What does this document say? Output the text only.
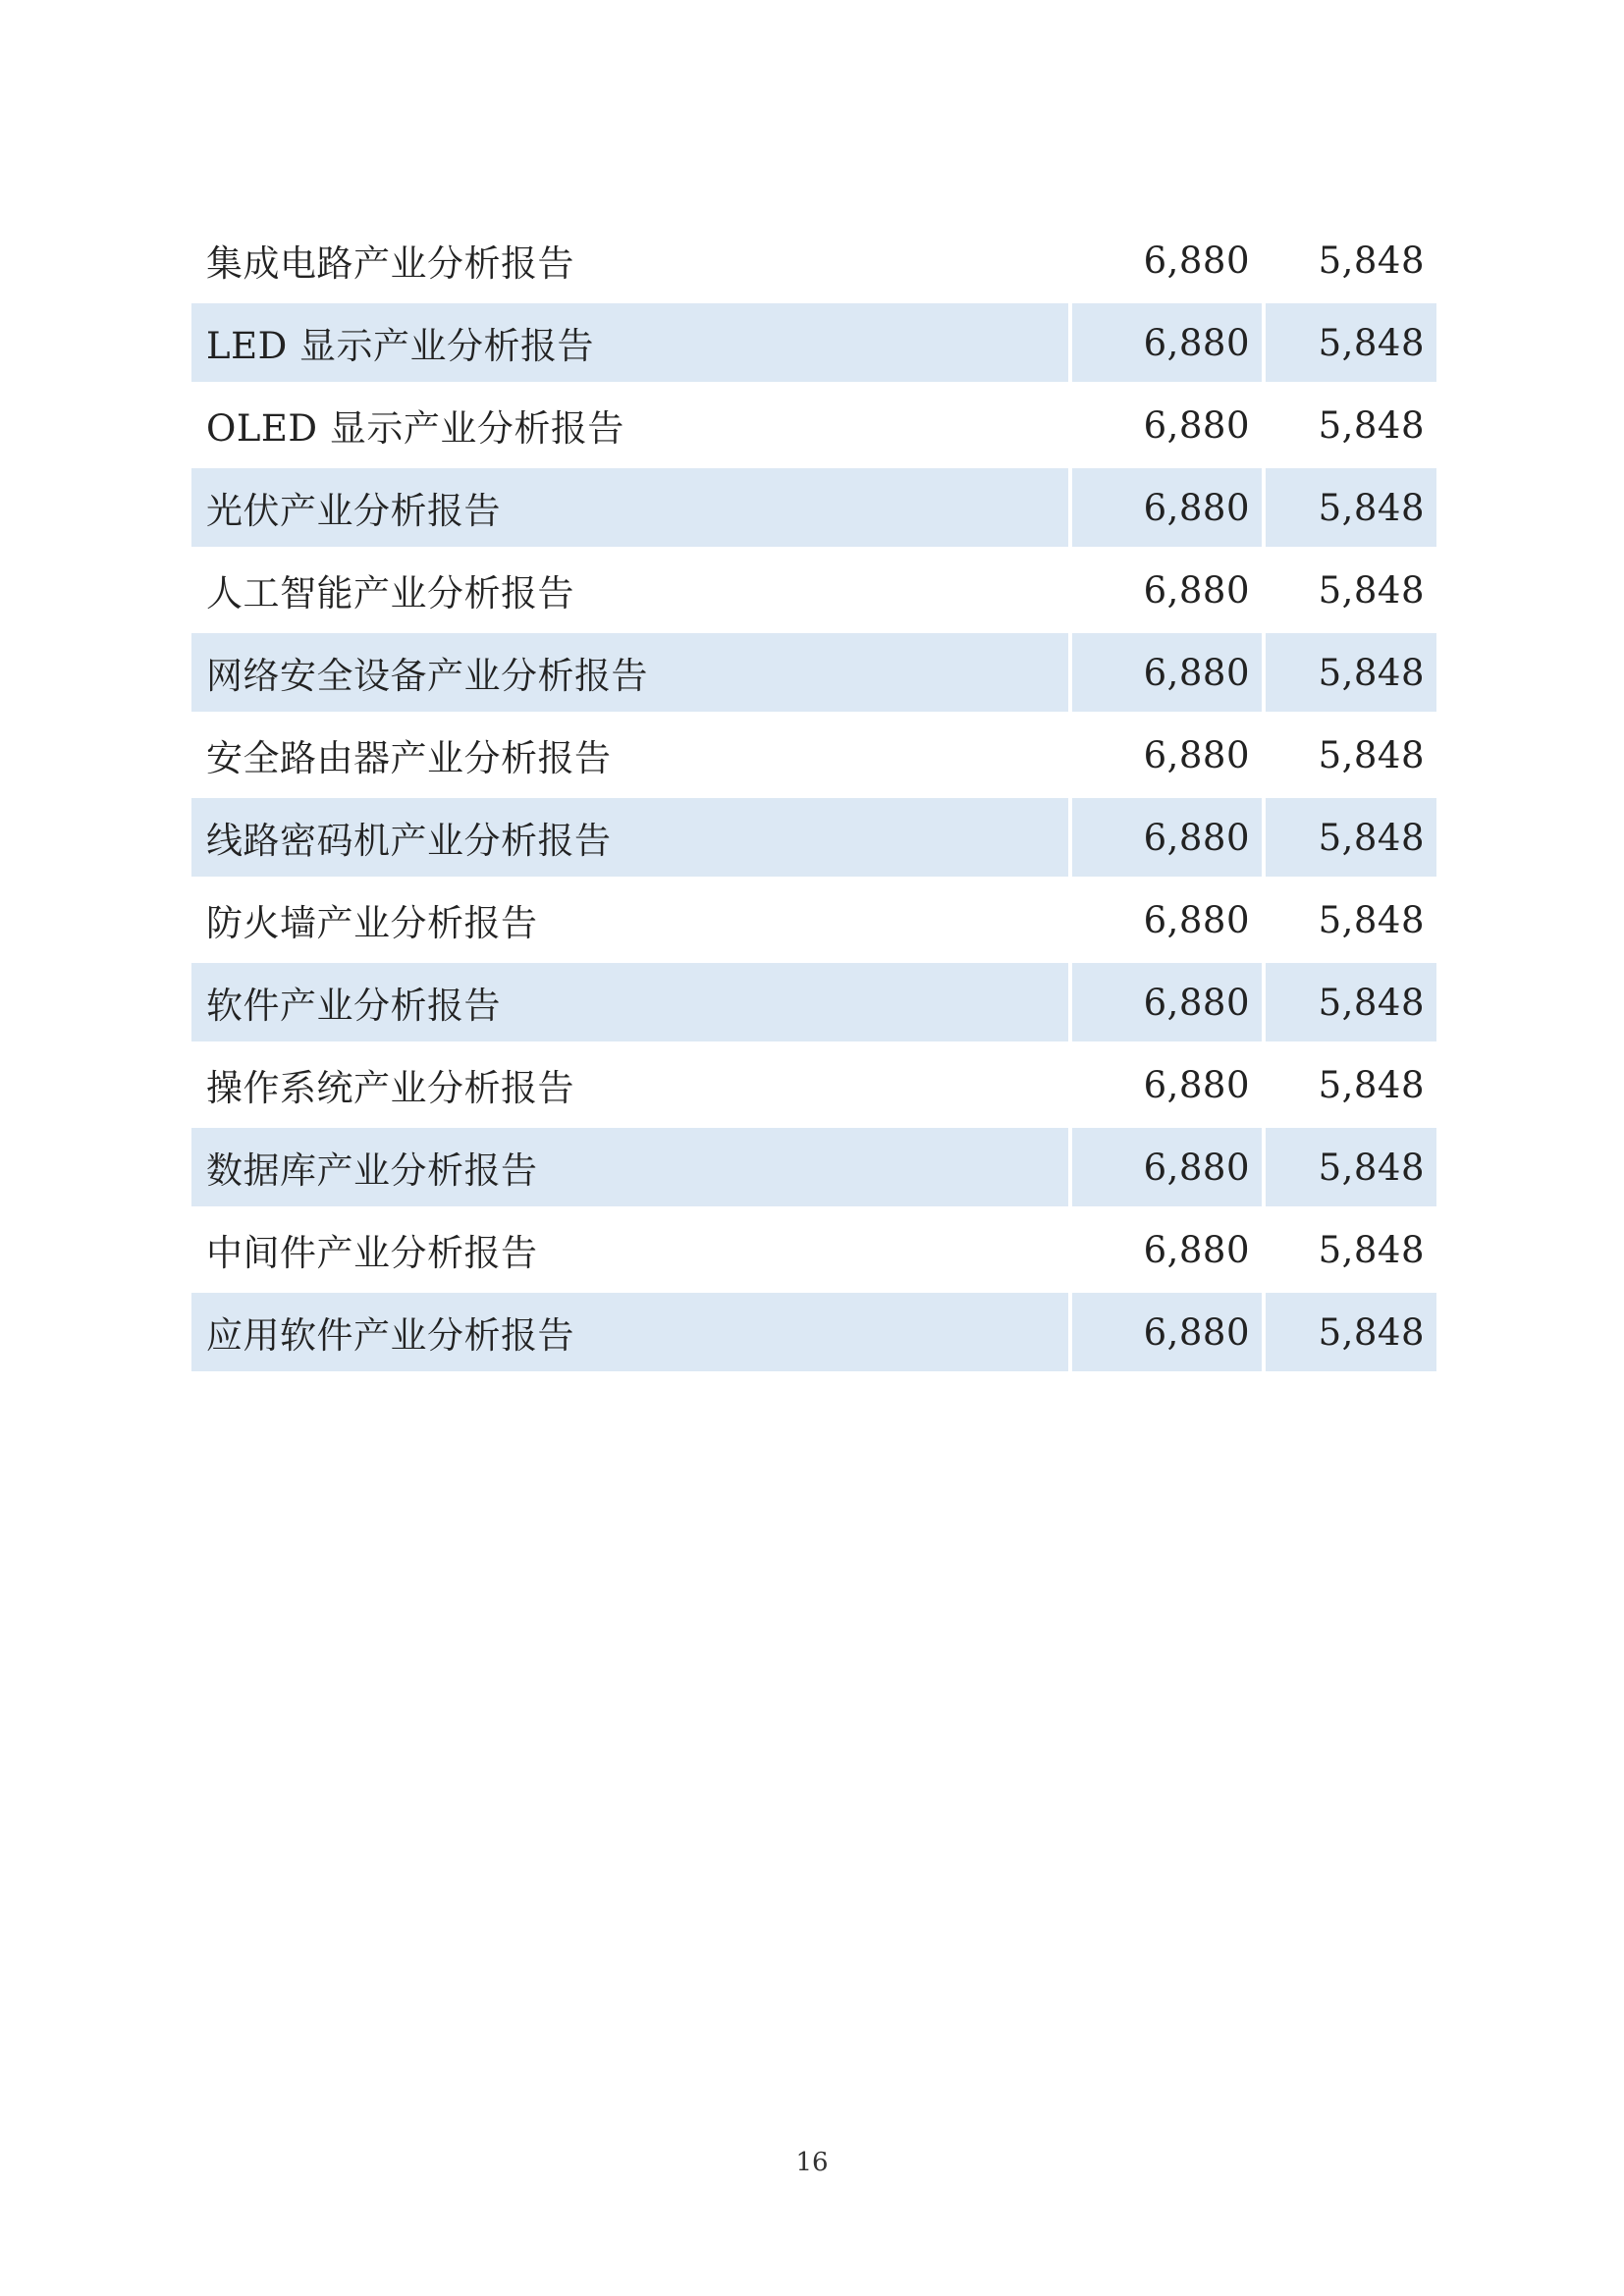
集成电路产业分析报告	6,880	5,848
LED 显示产业分析报告	6,880	5,848
OLED 显示产业分析报告	6,880	5,848
光伏产业分析报告	6,880	5,848
人工智能产业分析报告	6,880	5,848
网络安全设备产业分析报告	6,880	5,848
安全路由器产业分析报告	6,880	5,848
线路密码机产业分析报告	6,880	5,848
防火墙产业分析报告	6,880	5,848
软件产业分析报告	6,880	5,848
操作系统产业分析报告	6,880	5,848
数据库产业分析报告	6,880	5,848
中间件产业分析报告	6,880	5,848
应用软件产业分析报告	6,880	5,848
16
